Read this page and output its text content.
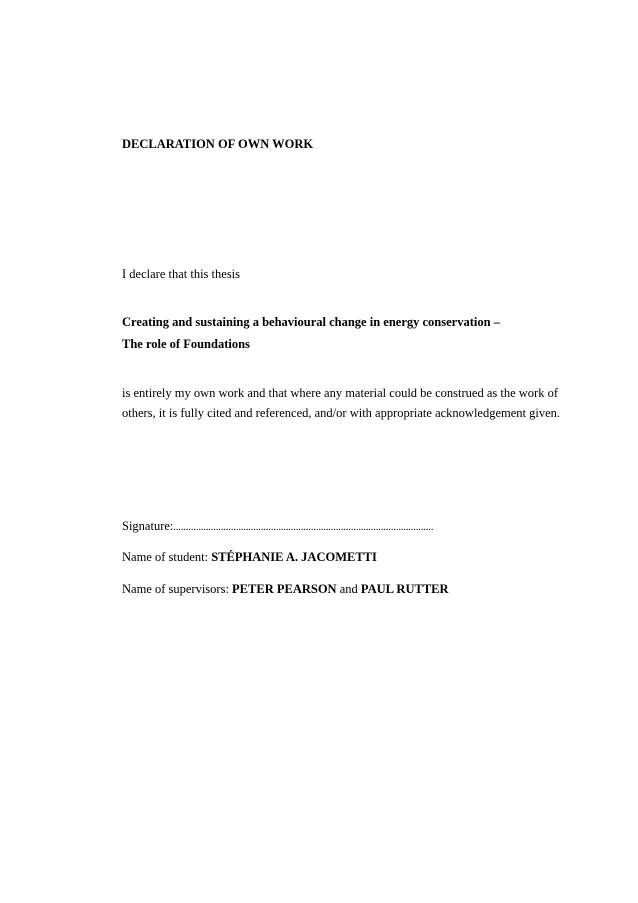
DECLARATION OF OWN WORK
I declare that this thesis
Creating and sustaining a behavioural change in energy conservation –
The role of Foundations
is entirely my own work and that where any material could be construed as the work of
others, it is fully cited and referenced, and/or with appropriate acknowledgement given.
Signature:........................................................................................................
Name of student: STÉPHANIE A. JACOMETTI
Name of supervisors: PETER PEARSON and PAUL RUTTER
